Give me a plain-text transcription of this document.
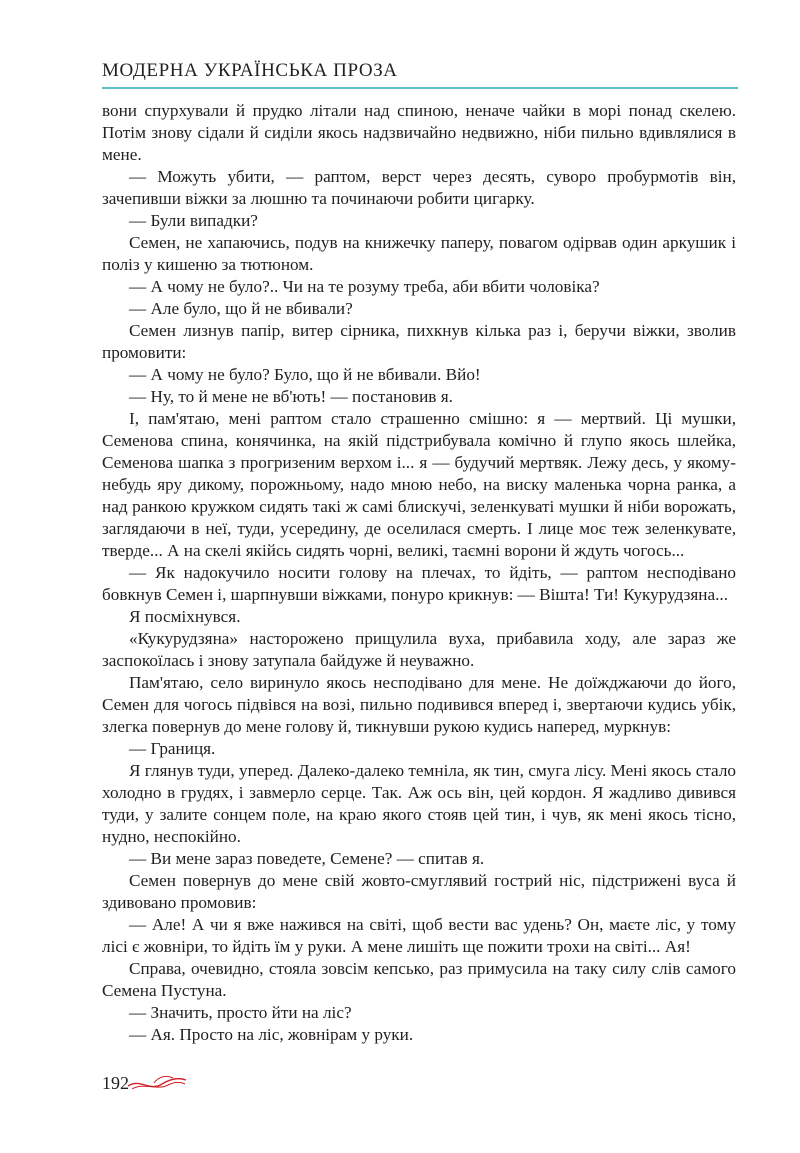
МОДЕРНА УКРАЇНСЬКА ПРОЗА

вони спурхували й прудко літали над спиною, неначе чайки в морі понад скелею. Потім знову сідали й сиділи якось надзвичайно недвижно, ніби пильно вдивлялися в мене.

— Можуть убити, — раптом, верст через десять, суворо пробурмотів він, зачепивши віжки за люшню та починаючи робити цигарку.

— Були випадки?

Семен, не хапаючись, подув на книжечку паперу, повагом одірвав один аркушик і поліз у кишеню за тютюном.

— А чому не було?.. Чи на те розуму треба, аби вбити чоловіка?

— Але було, що й не вбивали?

Семен лизнув папір, витер сірника, пихкнув кілька раз і, беручи віжки, зволив промовити:

— А чому не було? Було, що й не вбивали. Вйо!

— Ну, то й мене не вб'ють! — постановив я.

І, пам'ятаю, мені раптом стало страшенно смішно: я — мертвий. Ці мушки, Семенова спина, конячинка, на якій підстрибувала комічно й глупо якось шлейка, Семенова шапка з прогризеним верхом і... я — будучий мертвяк. Лежу десь, у якому-небудь яру дикому, порожньому, надо мною небо, на виску маленька чорна ранка, а над ранкою кружком сидять такі ж самі блискучі, зеленкуваті мушки й ніби ворожать, заглядаючи в неї, туди, усередину, де оселилася смерть. І лице моє теж зеленкувате, тверде... А на скелі якійсь сидять чорні, великі, таємні ворони й ждуть чогось...

— Як надокучило носити голову на плечах, то йдіть, — раптом несподівано бовкнув Семен і, шарпнувши віжками, понуро крикнув: — Вішта! Ти! Кукурудзяна...

Я посміхнувся.

«Кукурудзяна» насторожено прищулила вуха, прибавила ходу, але зараз же заспокоїлась і знову затупала байдуже й неуважно.

Пам'ятаю, село виринуло якось несподівано для мене. Не доїжджаючи до його, Семен для чогось підвівся на возі, пильно подивився вперед і, звертаючи кудись убік, злегка повернув до мене голову й, тикнувши рукою кудись наперед, муркнув:

— Границя.

Я глянув туди, уперед. Далеко-далеко темніла, як тин, смуга лісу. Мені якось стало холодно в грудях, і завмерло серце. Так. Аж ось він, цей кордон. Я жадливо дивився туди, у залите сонцем поле, на краю якого стояв цей тин, і чув, як мені якось тісно, нудно, неспокійно.

— Ви мене зараз поведете, Семене? — спитав я.

Семен повернув до мене свій жовто-смуглявий гострий ніс, підстрижені вуса й здивовано промовив:

— Але! А чи я вже нажився на світі, щоб вести вас удень? Он, маєте ліс, у тому лісі є жовніри, то йдіть їм у руки. А мене лишіть ще пожити трохи на світі... Ая!

Справа, очевидно, стояла зовсім кепсько, раз примусила на таку силу слів самого Семена Пустуна.

— Значить, просто йти на ліс?

— Ая. Просто на ліс, жовнірам у руки.

192
